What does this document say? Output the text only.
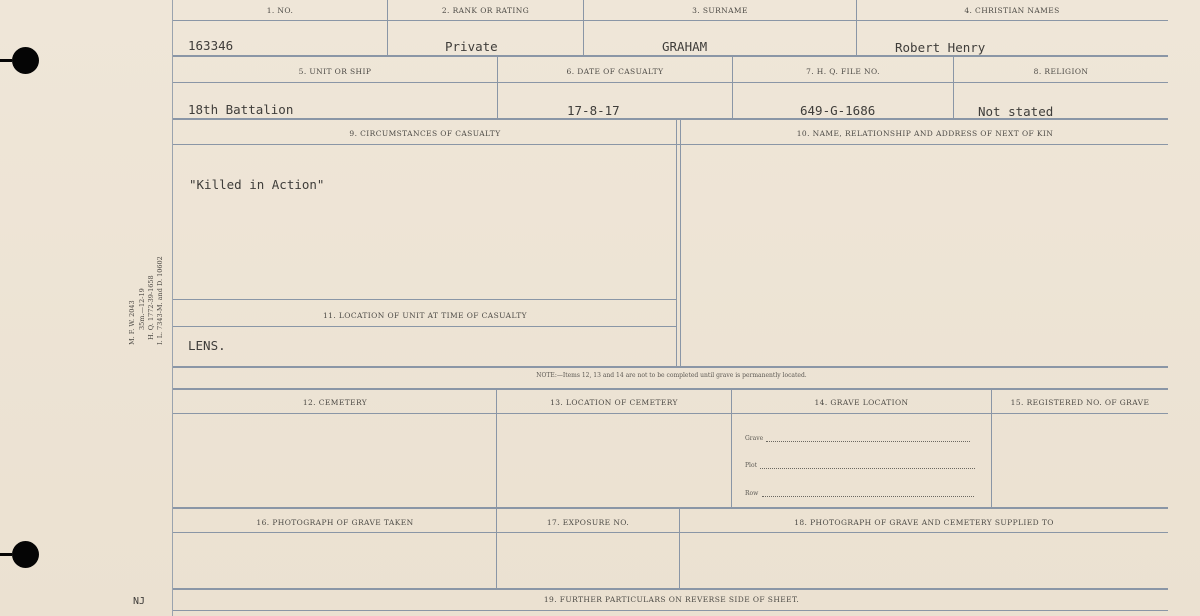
M. F. W. 2043 35m.—12-19 H. Q. 1772-39-1658 I. L. 7343-M. and D. 10602
NJ
1. NO.	2. RANK OR RATING	3. SURNAME	4. CHRISTIAN NAMES
163346	Private	GRAHAM	Robert Henry
5. UNIT OR SHIP	6. DATE OF CASUALTY	7. H. Q. FILE NO.	8. RELIGION
18th Battalion	17-8-17	649-G-1686	Not stated
9. CIRCUMSTANCES OF CASUALTY	10. NAME, RELATIONSHIP AND ADDRESS OF NEXT OF KIN
"Killed in Action"
11. LOCATION OF UNIT AT TIME OF CASUALTY
LENS.
NOTE:—Items 12, 13 and 14 are not to be completed until grave is permanently located.
12. CEMETERY	13. LOCATION OF CEMETERY	14. GRAVE LOCATION	15. REGISTERED NO. OF GRAVE
Grave
Plot
Row
16. PHOTOGRAPH OF GRAVE TAKEN	17. EXPOSURE NO.	18. PHOTOGRAPH OF GRAVE AND CEMETERY SUPPLIED TO
19. FURTHER PARTICULARS ON REVERSE SIDE OF SHEET.
